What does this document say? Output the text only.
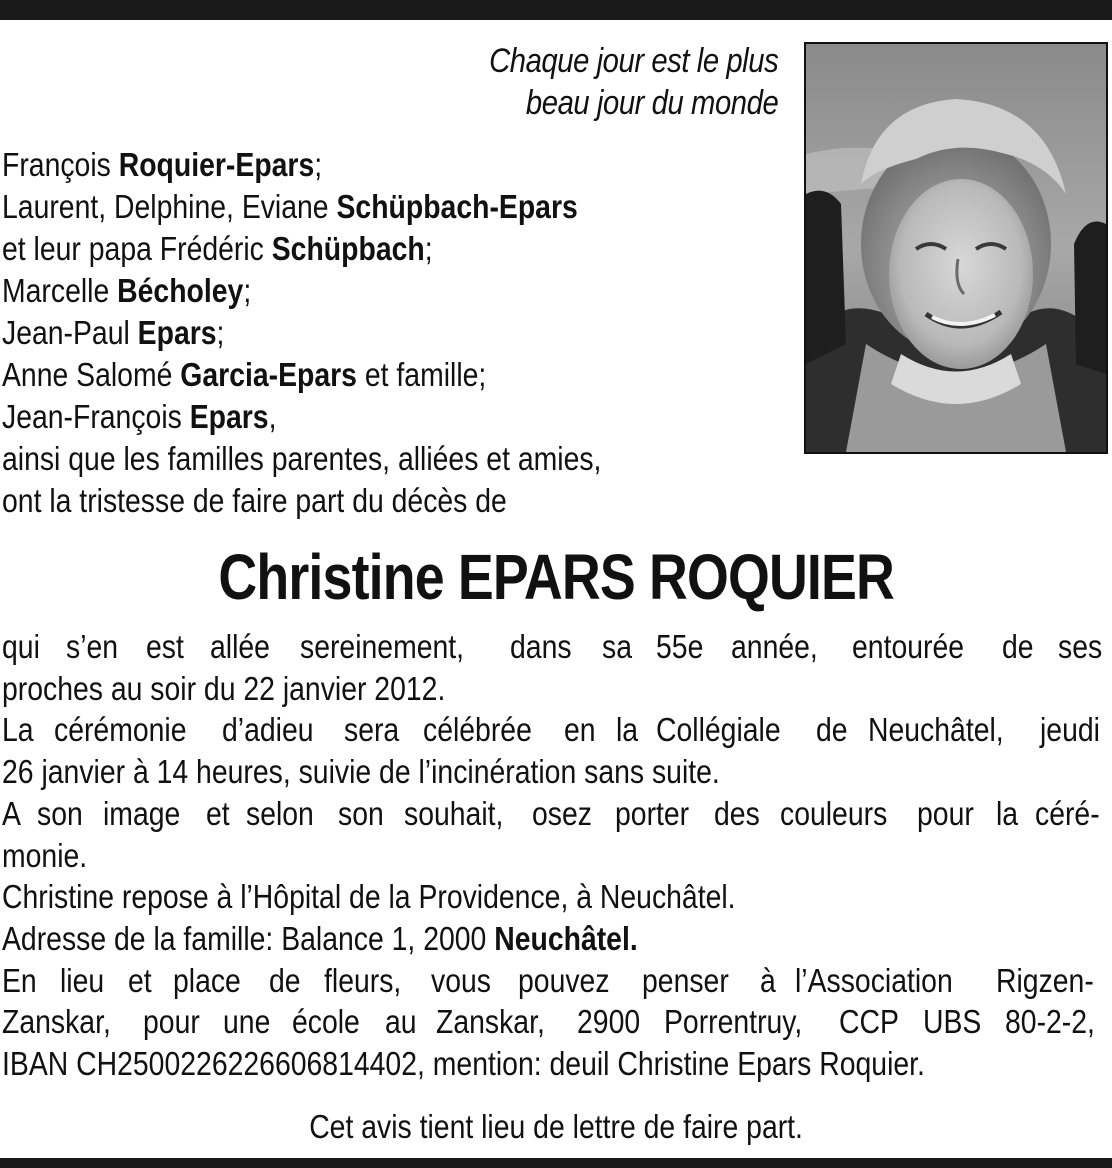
Chaque jour est le plus
beau jour du monde
François Roquier-Epars;
Laurent, Delphine, Eviane Schüpbach-Epars
et leur papa Frédéric Schüpbach;
Marcelle Bécholey;
Jean-Paul Epars;
Anne Salomé Garcia-Epars et famille;
Jean-François Epars,
ainsi que les familles parentes, alliées et amies,
ont la tristesse de faire part du décès de
Christine EPARS ROQUIER
qui s’en est allée sereinement, dans sa 55e année, entourée de ses
proches au soir du 22 janvier 2012.
La cérémonie d’adieu sera célébrée en la Collégiale de Neuchâtel, jeudi
26 janvier à 14 heures, suivie de l’incinération sans suite.
A son image et selon son souhait, osez porter des couleurs pour la céré-
monie.
Christine repose à l’Hôpital de la Providence, à Neuchâtel.
Adresse de la famille: Balance 1, 2000 Neuchâtel.
En lieu et place de fleurs, vous pouvez penser à l’Association Rigzen-
Zanskar, pour une école au Zanskar, 2900 Porrentruy, CCP UBS 80-2-2,
IBAN CH2500226226606814402, mention: deuil Christine Epars Roquier.
Cet avis tient lieu de lettre de faire part.
